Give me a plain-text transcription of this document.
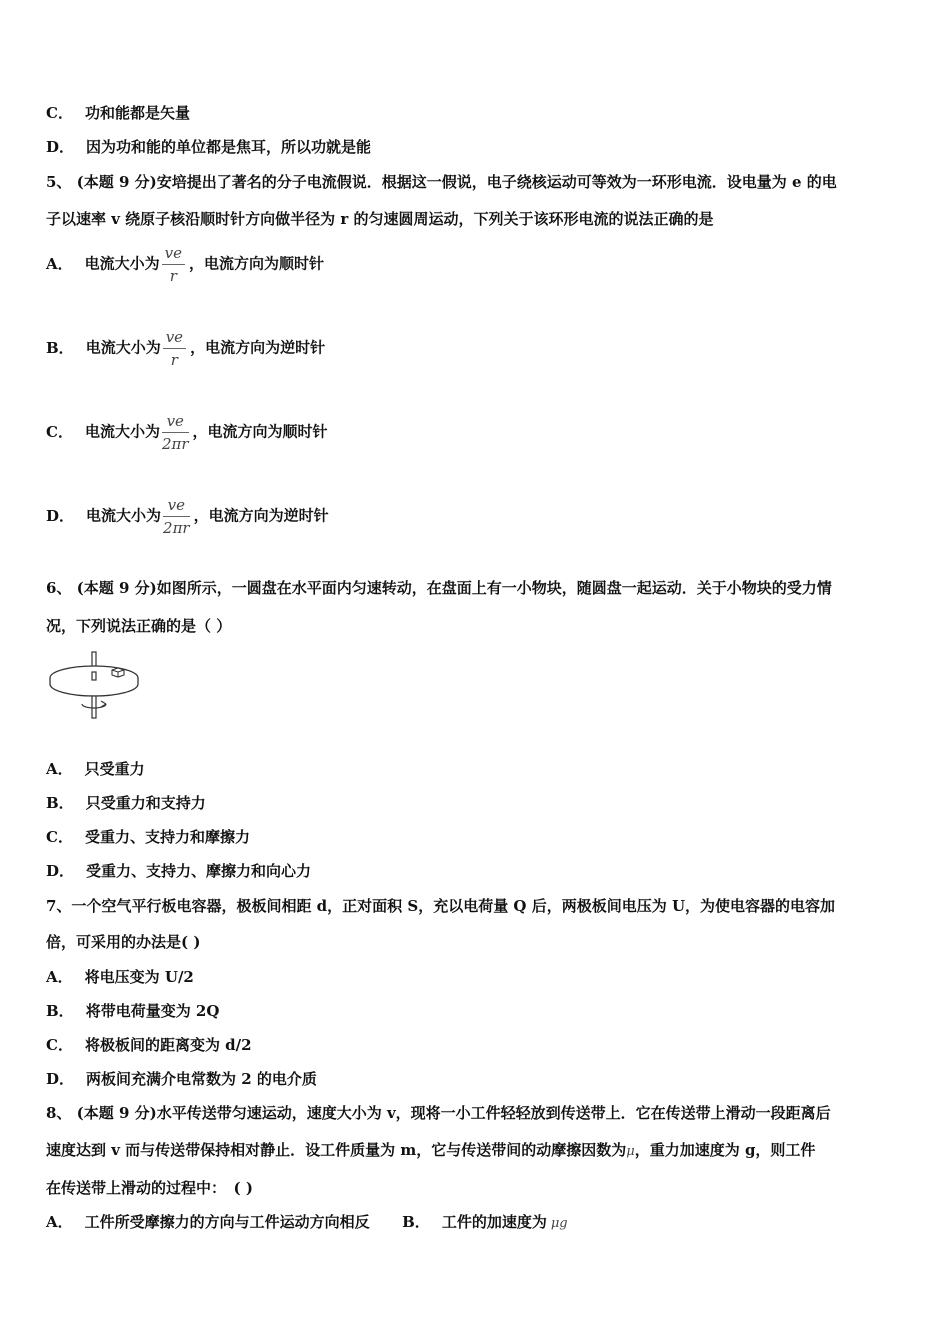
C． 功和能都是矢量
D． 因为功和能的单位都是焦耳，所以功就是能
5、 (本题 9 分)安培提出了著名的分子电流假说．根据这一假说，电子绕核运动可等效为一环形电流．设电量为 e 的电
子以速率 v 绕原子核沿顺时针方向做半径为 r 的匀速圆周运动，下列关于该环形电流的说法正确的是
A． 电流大小为 $\frac{ve}{r}$ ，电流方向为顺时针
B． 电流大小为 $\frac{ve}{r}$ ，电流方向为逆时针
C． 电流大小为 $\frac{ve}{2\pi r}$ ，电流方向为顺时针
D． 电流大小为 $\frac{ve}{2\pi r}$ ，电流方向为逆时针
6、 (本题 9 分)如图所示，一圆盘在水平面内匀速转动，在盘面上有一小物块，随圆盘一起运动．关于小物块的受力情
况，下列说法正确的是（ ）
A． 只受重力
B． 只受重力和支持力
C． 受重力、支持力和摩擦力
D． 受重力、支持力、摩擦力和向心力
7、一个空气平行板电容器，极板间相距 d，正对面积 S，充以电荷量 Q 后，两极板间电压为 U，为使电容器的电容加
倍，可采用的办法是( )
A． 将电压变为 U/2
B． 将带电荷量变为 2Q
C． 将极板间的距离变为 d/2
D． 两板间充满介电常数为 2 的电介质
8、 (本题 9 分)水平传送带匀速运动，速度大小为 v，现将一小工件轻轻放到传送带上．它在传送带上滑动一段距离后
速度达到 v 而与传送带保持相对静止．设工件质量为 m，它与传送带间的动摩擦因数为μ，重力加速度为 g，则工件
在传送带上滑动的过程中：　( )
A． 工件所受摩擦力的方向与工件运动方向相反 B． 工件的加速度为 μg
